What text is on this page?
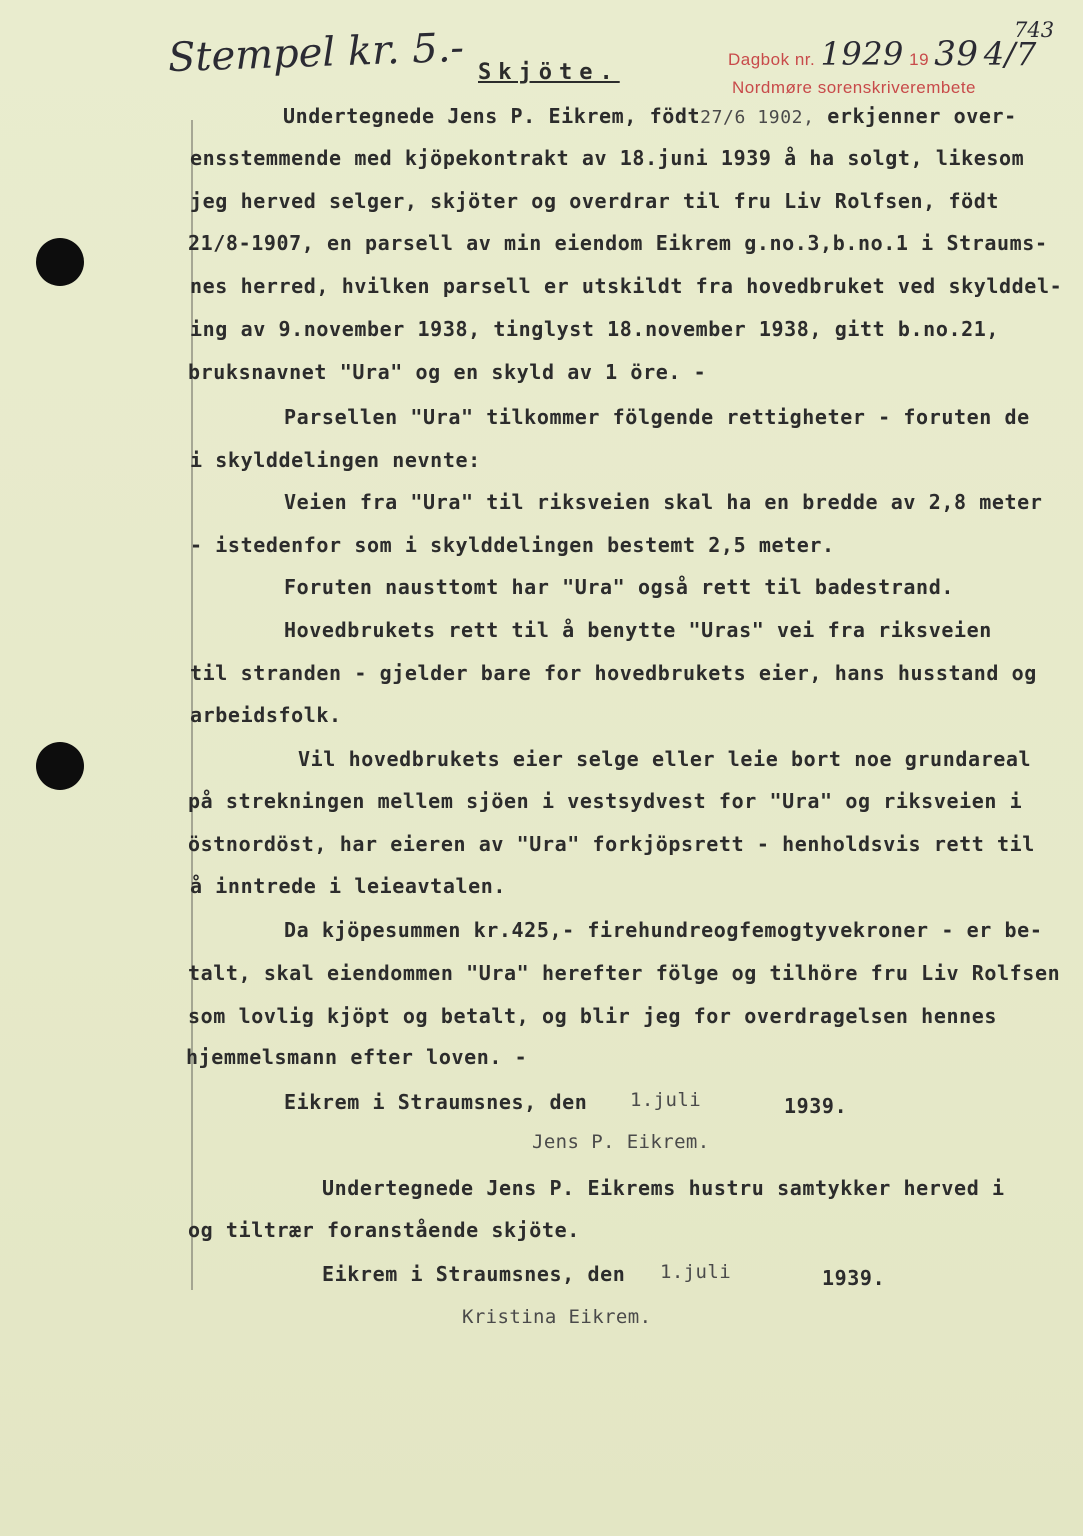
Stempel kr. 5.- Skjöte.
Dagbok nr. 1929 19 39 4/7
Nordmøre sorenskriverembete
743
Undertegnede Jens P. Eikrem, födt27/6 1902, erkjenner over-
ensstemmende med kjöpekontrakt av 18.juni 1939 å ha solgt, likesom
jeg herved selger, skjöter og overdrar til fru Liv Rolfsen, födt
21/8-1907, en parsell av min eiendom Eikrem g.no.3,b.no.1 i Straums-
nes herred, hvilken parsell er utskildt fra hovedbruket ved skylddel-
ing av 9.november 1938, tinglyst 18.november 1938, gitt b.no.21,
bruksnavnet "Ura" og en skyld av 1 öre. -
Parsellen "Ura" tilkommer fölgende rettigheter - foruten de
i skylddelingen nevnte:
Veien fra "Ura" til riksveien skal ha en bredde av 2,8 meter
- istedenfor som i skylddelingen bestemt 2,5 meter.
Foruten nausttomt har "Ura" også rett til badestrand.
Hovedbrukets rett til å benytte "Uras" vei fra riksveien
til stranden - gjelder bare for hovedbrukets eier, hans husstand og
arbeidsfolk.
Vil hovedbrukets eier selge eller leie bort noe grundareal
på strekningen mellem sjöen i vestsydvest for "Ura" og riksveien i
östnordöst, har eieren av "Ura" forkjöpsrett - henholdsvis rett til
å inntrede i leieavtalen.
Da kjöpesummen kr.425,- firehundreogfemogtyvekroner - er be-
talt, skal eiendommen "Ura" herefter fölge og tilhöre fru Liv Rolfsen
som lovlig kjöpt og betalt, og blir jeg for overdragelsen hennes
hjemmelsmann efter loven. -
Eikrem i Straumsnes, den 1.juli	1939.
Jens P. Eikrem.
Undertegnede Jens P. Eikrems hustru samtykker herved i
og tiltrær foranstående skjöte.
Eikrem i Straumsnes, den 1.juli	1939.
Kristina Eikrem.
